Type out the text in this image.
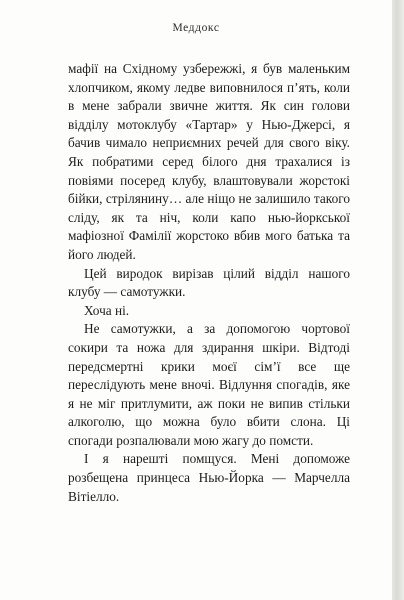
Меддокс

мафії на Східному узбережжі, я був маленьким хлопчиком, якому ледве виповнилося п’ять, коли в мене забрали звичне життя. Як син голови відділу мотоклубу «Тартар» у Нью-Джерсі, я бачив чимало неприємних речей для свого віку. Як побратими серед білого дня трахалися із повіями посеред клубу, влаштовували жорстокі бійки, стрілянину… але ніщо не залишило такого сліду, як та ніч, коли капо нью-йоркської мафіозної Фамілії жорстоко вбив мого батька та його людей.

Цей виродок вирізав цілий відділ нашого клубу — самотужки.

Хоча ні.

Не самотужки, а за допомогою чортової сокири та ножа для здирання шкіри. Відтоді передсмертні крики моєї сім’ї все ще переслідують мене вночі. Відлуння спогадів, яке я не міг притлумити, аж поки не випив стільки алкоголю, що можна було вбити слона. Ці спогади розпалювали мою жагу до помсти.

І я нарешті помщуся. Мені допоможе розбещена принцеса Нью-Йорка — Марчелла Вітіелло.
